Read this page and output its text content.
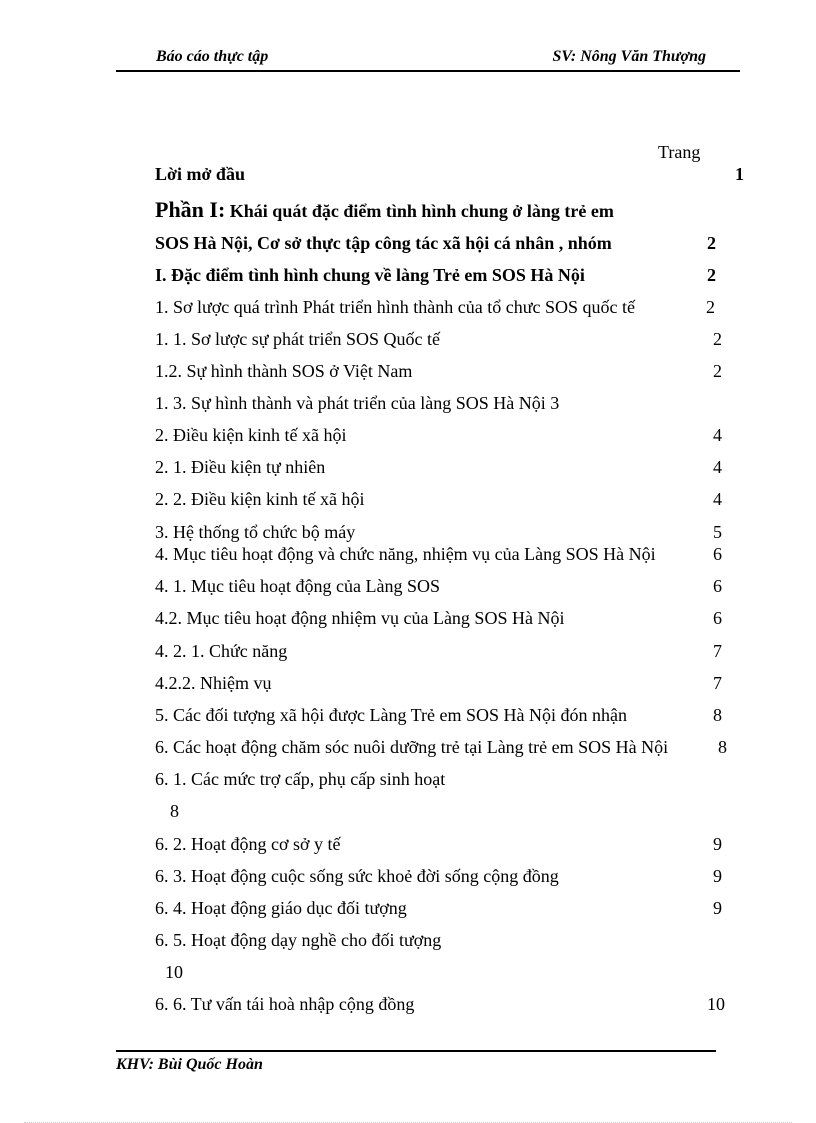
Báo cáo thực tập	SV: Nông Văn Thượng
Trang
Lời mở đầu	1
Phần I: Khái quát đặc điểm tình hình chung ở làng trẻ em
SOS Hà Nội, Cơ sở thực tập công tác xã hội cá nhân , nhóm	2
I. Đặc điểm tình hình chung về làng Trẻ em SOS Hà Nội	2
1. Sơ lược quá trình Phát triển hình thành của tổ chưc SOS quốc tế	2
1. 1. Sơ lược sự phát triển SOS Quốc tế	2
1.2. Sự hình thành SOS ở Việt Nam	2
1. 3. Sự hình thành và phát triển của làng SOS Hà Nội 3
2. Điều kiện kinh tế xã hội	4
2. 1. Điều kiện tự nhiên	4
2. 2. Điều kiện kinh tế xã hội	4
3. Hệ thống tổ chức bộ máy	5
4. Mục tiêu hoạt động và chức năng, nhiệm vụ của Làng SOS Hà Nội	6
4. 1. Mục tiêu hoạt động của Làng SOS	6
4.2. Mục tiêu hoạt động nhiệm vụ của Làng SOS Hà Nội	6
4. 2. 1. Chức năng	7
4.2.2. Nhiệm vụ	7
5. Các đối tượng xã hội được Làng Trẻ em SOS Hà Nội đón nhận	8
6. Các hoạt động chăm sóc nuôi dưỡng trẻ tại Làng trẻ em SOS Hà Nội	8
6. 1. Các mức trợ cấp, phụ cấp sinh hoạt
8
6. 2. Hoạt động cơ sở y tế	9
6. 3. Hoạt động cuộc sống sức khoẻ đời sống cộng đồng	9
6. 4. Hoạt động giáo dục đối tượng	9
6. 5. Hoạt động dạy nghề cho đối tượng
10
6. 6. Tư vấn tái hoà nhập cộng đồng	10
KHV: Bùi Quốc Hoàn
